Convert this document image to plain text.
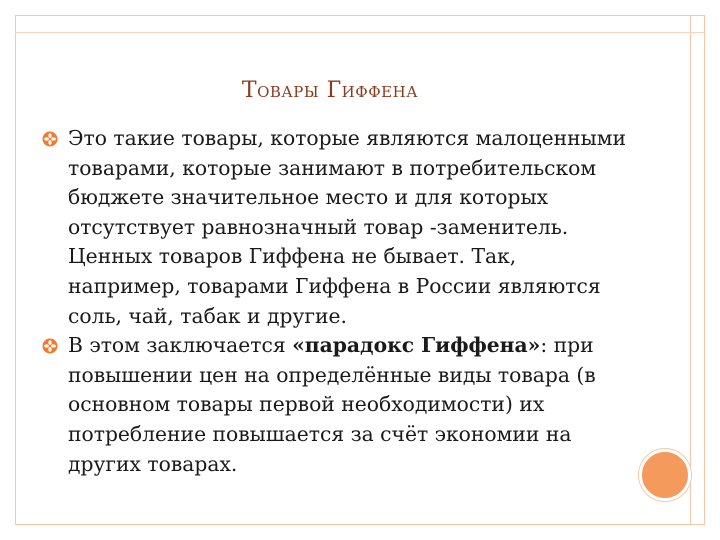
Товары Гиффена
Это такие товары, которые являются малоценными товарами, которые занимают в потребительском бюджете значительное место и для которых отсутствует равнозначный товар -заменитель. Ценных товаров Гиффена не бывает. Так, например, товарами Гиффена в России являются соль, чай, табак и другие.
В этом заключается «парадокс Гиффена»: при повышении цен на определённые виды товара (в основном товары первой необходимости) их потребление повышается за счёт экономии на других товарах.
